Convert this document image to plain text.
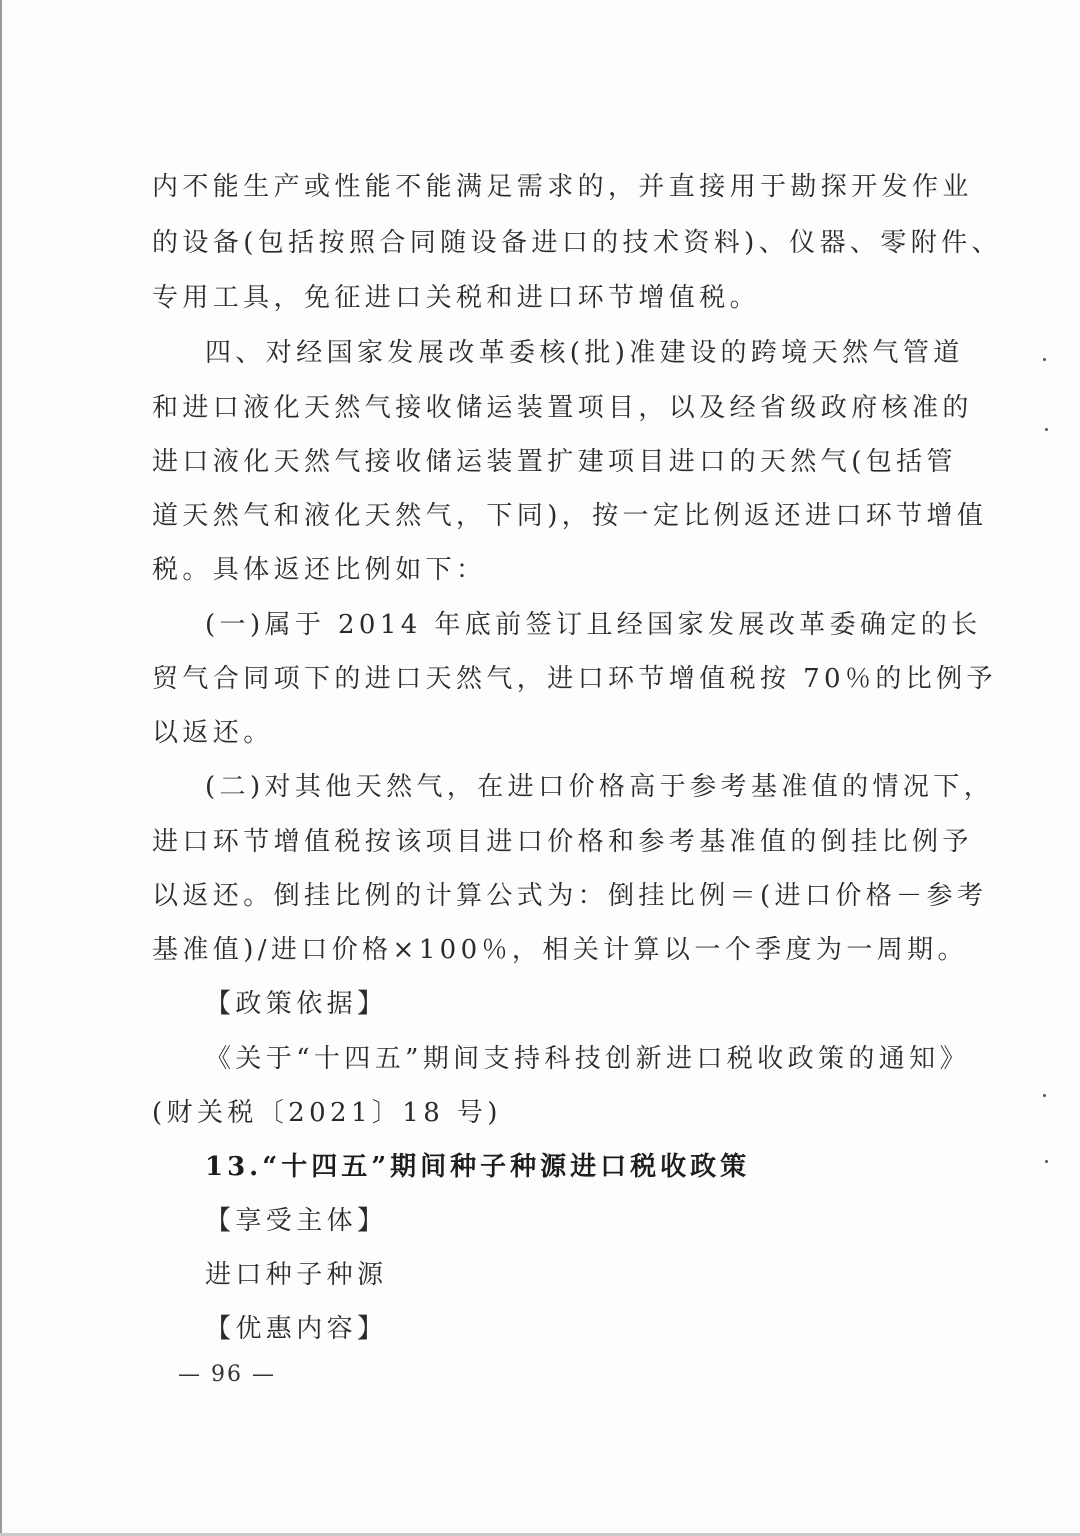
内不能生产或性能不能满足需求的，并直接用于勘探开发作业
的设备(包括按照合同随设备进口的技术资料)、仪器、零附件、
专用工具，免征进口关税和进口环节增值税。
四、对经国家发展改革委核(批)准建设的跨境天然气管道
和进口液化天然气接收储运装置项目，以及经省级政府核准的
进口液化天然气接收储运装置扩建项目进口的天然气(包括管
道天然气和液化天然气，下同)，按一定比例返还进口环节增值
税。具体返还比例如下：
(一)属于 2014 年底前签订且经国家发展改革委确定的长
贸气合同项下的进口天然气，进口环节增值税按 70％的比例予
以返还。
(二)对其他天然气，在进口价格高于参考基准值的情况下，
进口环节增值税按该项目进口价格和参考基准值的倒挂比例予
以返还。倒挂比例的计算公式为：倒挂比例＝(进口价格－参考
基准值)/进口价格×100％，相关计算以一个季度为一周期。
【政策依据】
《关于“十四五”期间支持科技创新进口税收政策的通知》
(财关税〔2021〕18 号)
13.“十四五”期间种子种源进口税收政策
【享受主体】
进口种子种源
【优惠内容】
— 96 —
